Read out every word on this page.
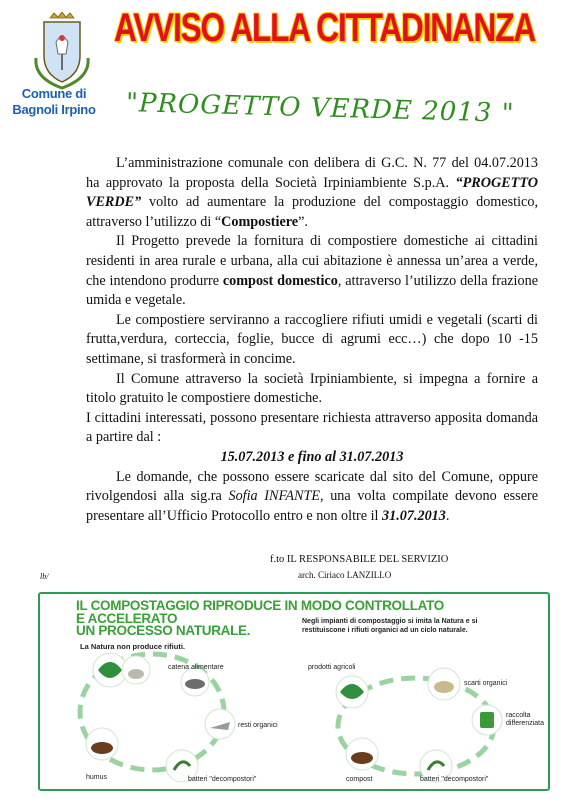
Comune di Bagnoli Irpino
AVVISO ALLA CITTADINANZA
"PROGETTO VERDE 2013 "

L’amministrazione comunale con delibera di G.C. N. 77 del 04.07.2013 ha approvato la proposta della Società Irpiniambiente S.p.A. “PROGETTO VERDE” volto ad aumentare la produzione del compostaggio domestico, attraverso l’utilizzo di “Compostiere”.

Il Progetto prevede la fornitura di compostiere domestiche ai cittadini residenti in area rurale e urbana, alla cui abitazione è annessa un’area a verde, che intendono produrre compost domestico, attraverso l’utilizzo della frazione umida e vegetale.

Le compostiere serviranno a raccogliere rifiuti umidi e vegetali (scarti di frutta,verdura, corteccia, foglie, bucce di agrumi ecc…) che dopo 10 -15 settimane, si trasformerà in concime.

Il Comune attraverso la società Irpiniambiente, si impegna a fornire a titolo gratuito le compostiere domestiche.

I cittadini interessati, possono presentare richiesta attraverso apposita domanda a partire dal :

15.07.2013 e fino al 31.07.2013

Le domande, che possono essere scaricate dal sito del Comune, oppure rivolgendosi alla sig.ra Sofia INFANTE, una volta compilate devono essere presentare all’Ufficio Protocollo entro e non oltre il 31.07.2013.

f.to IL RESPONSABILE DEL SERVIZIO
lb/	arch. Ciriaco LANZILLO
IL COMPOSTAGGIO RIPRODUCE IN MODO CONTROLLATO
E ACCELERATO
UN PROCESSO NATURALE.
La Natura non produce rifiuti.
Negli impianti di compostaggio si imita la Natura e si restituiscone i rifiuti organici ad un ciclo naturale.
catena alimentare
resti organici
batteri "decompostori"
humus
prodotti agricoli
scarti organici
raccolta differenziata
batteri "decompostori"
compost
